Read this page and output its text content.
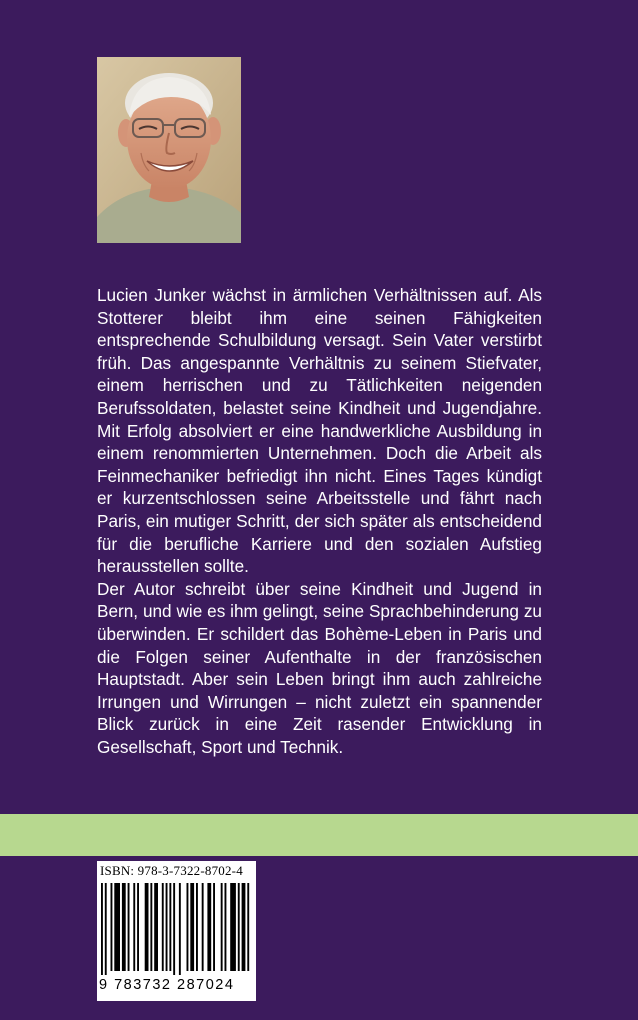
Lucien Junker wächst in ärmlichen Verhältnissen auf. Als Stotterer bleibt ihm eine seinen Fähigkeiten entsprechende Schulbildung versagt. Sein Vater verstirbt früh. Das angespannte Verhältnis zu seinem Stiefvater, einem herrischen und zu Tätlichkeiten neigenden Berufssoldaten, belastet seine Kindheit und Jugendjahre. Mit Erfolg absolviert er eine handwerkliche Ausbildung in einem renommierten Unternehmen. Doch die Arbeit als Feinmechaniker befriedigt ihn nicht. Eines Tages kündigt er kurzentschlossen seine Arbeitsstelle und fährt nach Paris, ein mutiger Schritt, der sich später als entscheidend für die berufliche Karriere und den sozialen Aufstieg herausstellen sollte.

Der Autor schreibt über seine Kindheit und Jugend in Bern, und wie es ihm gelingt, seine Sprachbehinderung zu überwinden. Er schildert das Bohème-Leben in Paris und die Folgen seiner Aufenthalte in der französischen Hauptstadt. Aber sein Leben bringt ihm auch zahlreiche Irrungen und Wirrungen – nicht zuletzt ein spannender Blick zurück in eine Zeit rasender Entwicklung in Gesellschaft, Sport und Technik.

ISBN: 978-3-7322-8702-4
9 783732 287024
